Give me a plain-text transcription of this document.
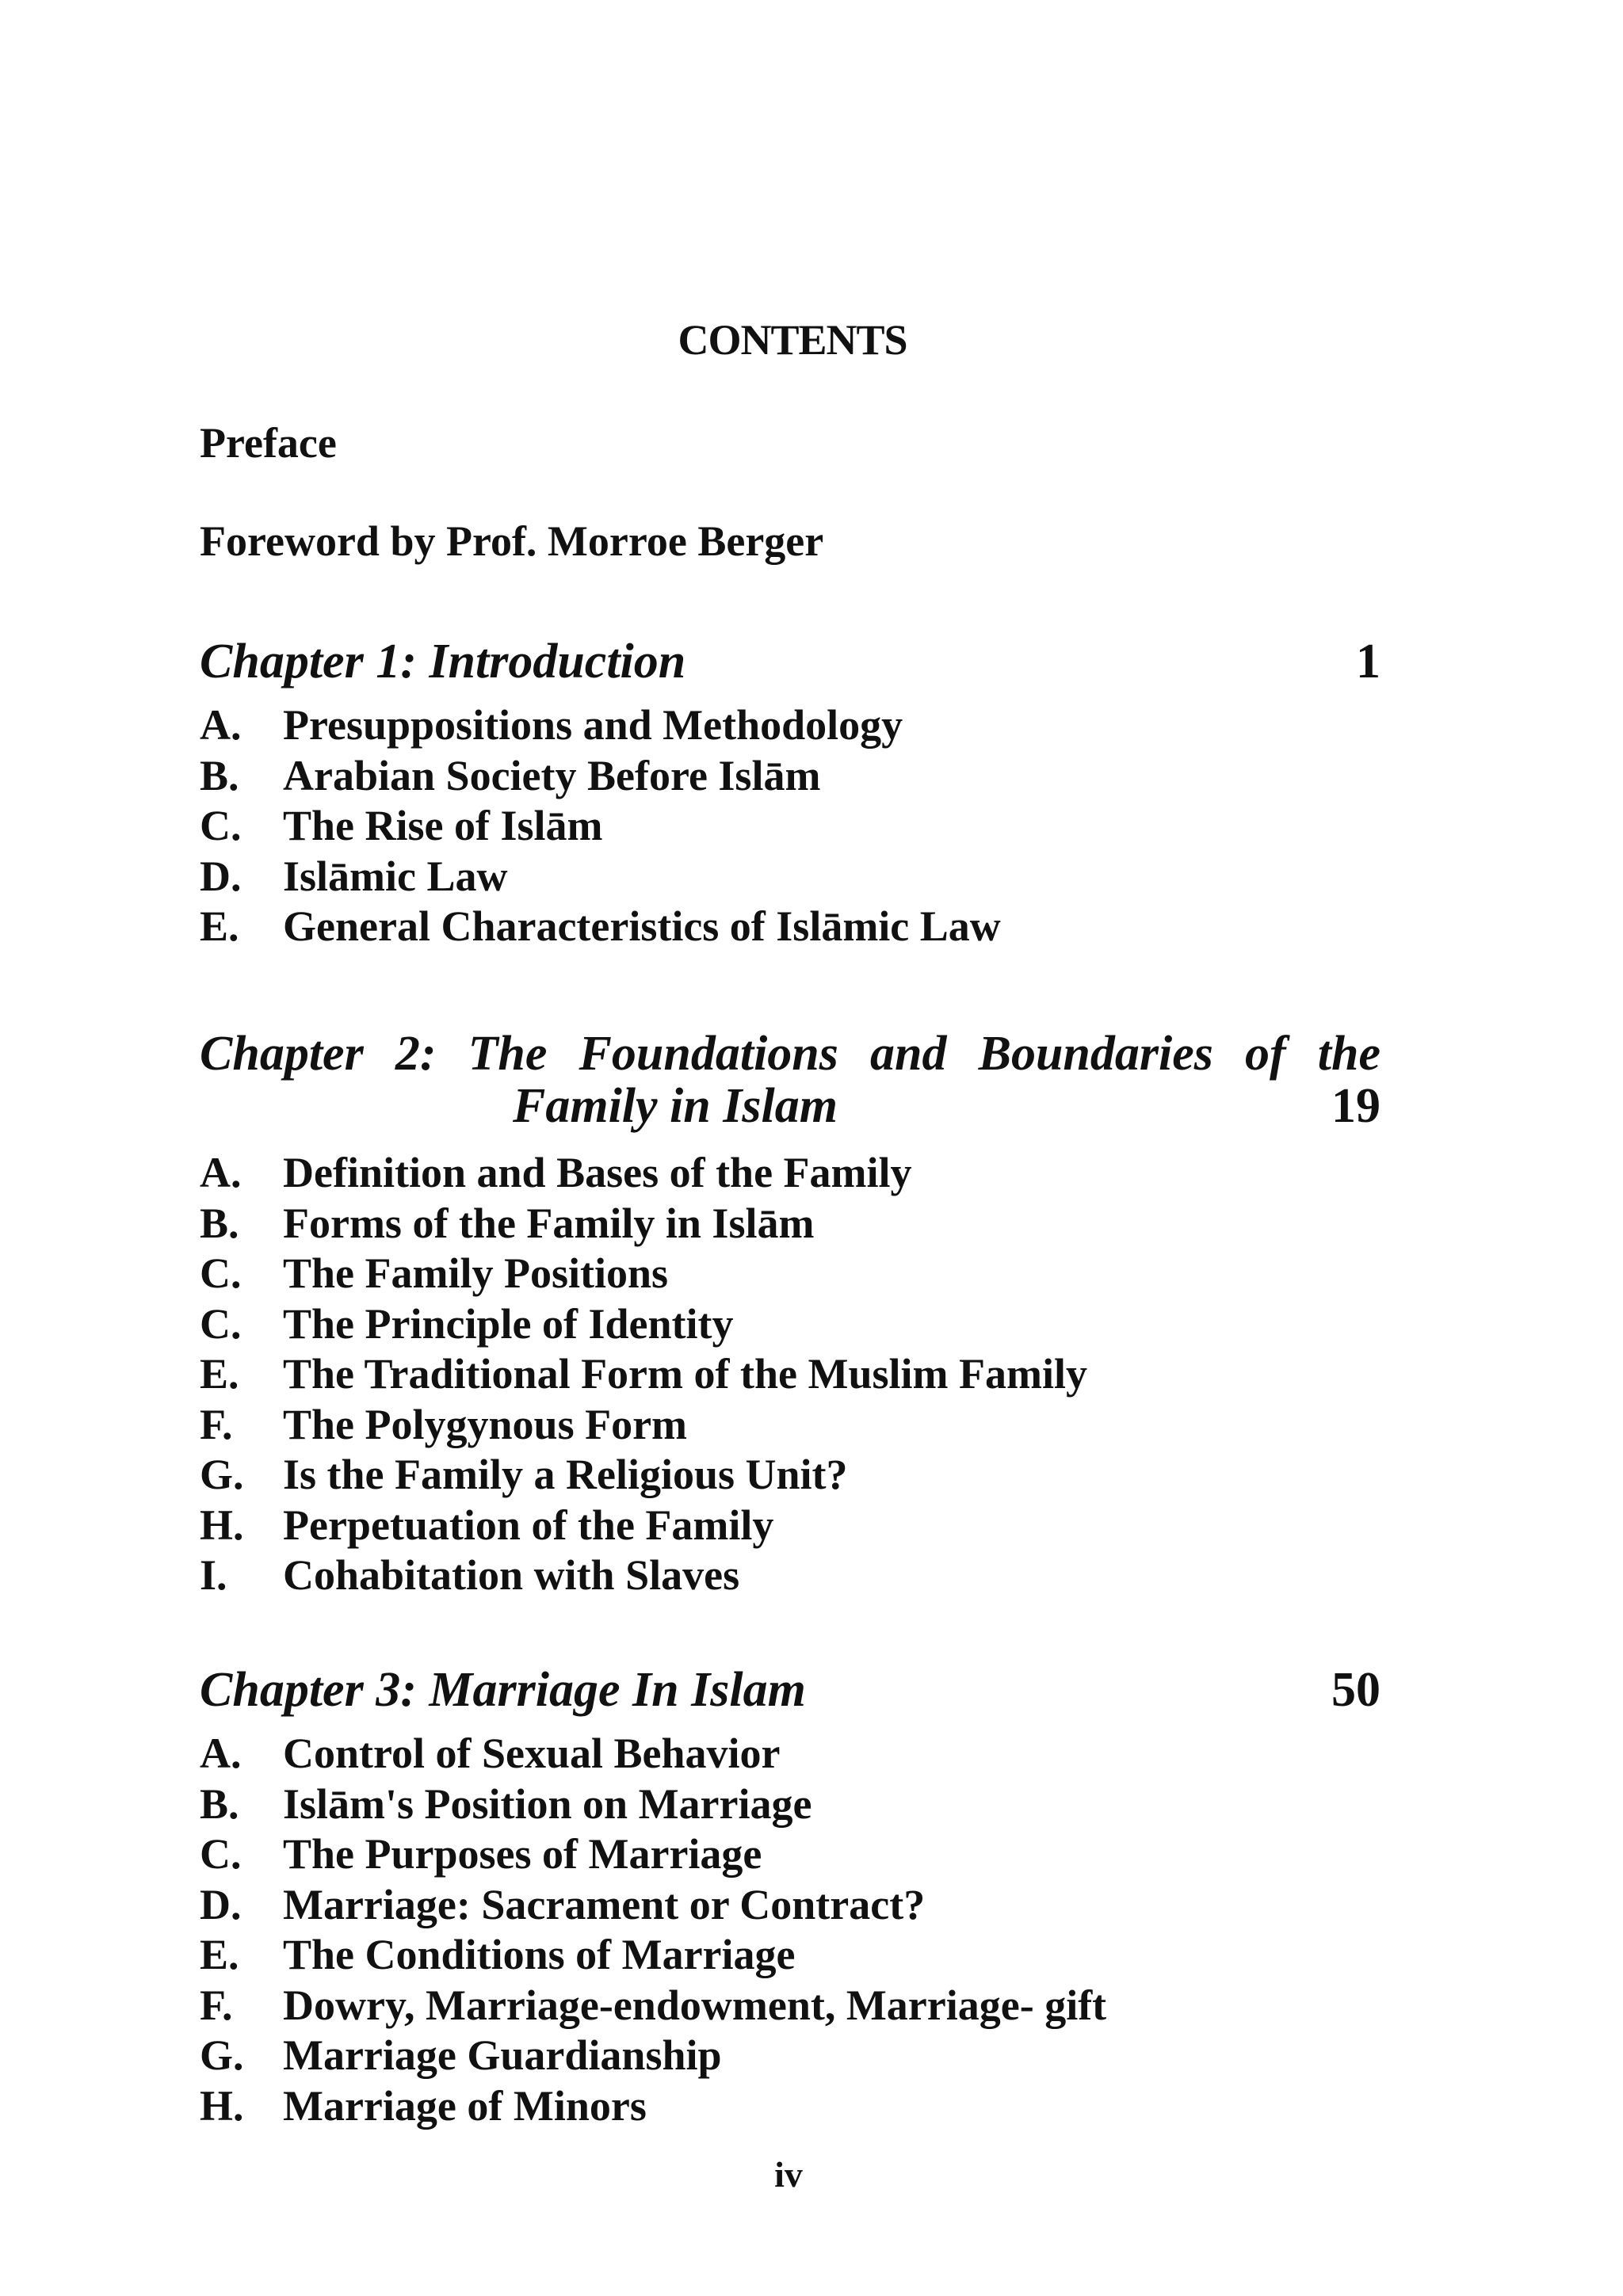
CONTENTS
Preface
Foreword by Prof. Morroe Berger
Chapter 1: Introduction	1
A. Presuppositions and Methodology
B. Arabian Society Before Islām
C. The Rise of Islām
D. Islāmic Law
E. General Characteristics of Islāmic Law
Chapter 2: The Foundations and Boundaries of the
Family in Islam	19
A. Definition and Bases of the Family
B. Forms of the Family in Islām
C. The Family Positions
C. The Principle of Identity
E. The Traditional Form of the Muslim Family
F. The Polygynous Form
G. Is the Family a Religious Unit?
H. Perpetuation of the Family
I. Cohabitation with Slaves
Chapter 3: Marriage In Islam	50
A. Control of Sexual Behavior
B. Islām's Position on Marriage
C. The Purposes of Marriage
D. Marriage: Sacrament or Contract?
E. The Conditions of Marriage
F. Dowry, Marriage-endowment, Marriage- gift
G. Marriage Guardianship
H. Marriage of Minors
iv
